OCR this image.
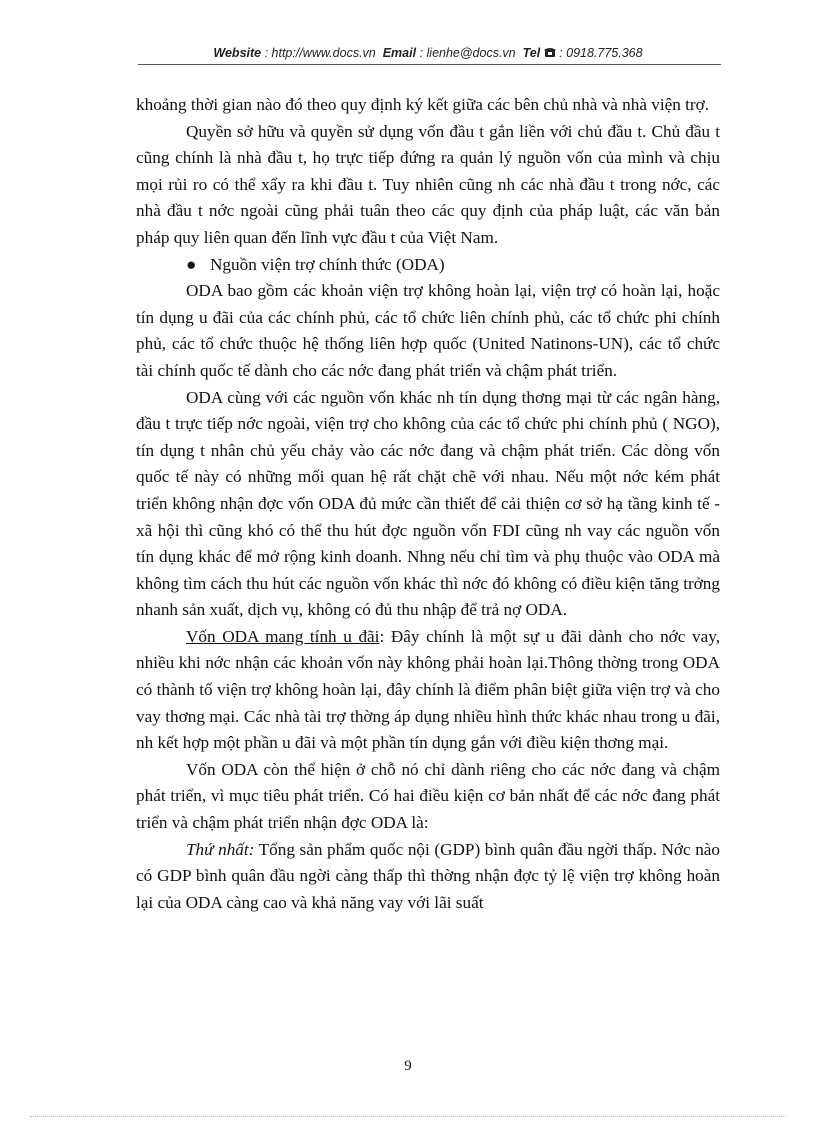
Website : http://www.docs.vn Email : lienhe@docs.vn Tel : 0918.775.368

khoảng thời gian nào đó theo quy định ký kết giữa các bên chủ nhà và nhà viện trợ.

Quyền sở hữu và quyền sử dụng vốn đầu t gắn liền với chủ đầu t. Chủ đầu t cũng chính là nhà đầu t, họ trực tiếp đứng ra quản lý nguồn vốn của mình và chịu mọi rủi ro có thể xẩy ra khi đầu t. Tuy nhiên cũng nh các nhà đầu t trong nớc, các nhà đầu t nớc ngoài cũng phải tuân theo các quy định của pháp luật, các văn bản pháp quy liên quan đến lĩnh vực đầu t của Việt Nam.

● Nguồn viện trợ chính thức (ODA)

ODA bao gồm các khoản viện trợ không hoàn lại, viện trợ có hoàn lại, hoặc tín dụng u đãi của các chính phủ, các tổ chức liên chính phủ, các tổ chức phi chính phủ, các tổ chức thuộc hệ thống liên hợp quốc (United Natinons-UN), các tổ chức tài chính quốc tế dành cho các nớc đang phát triển và chậm phát triển.

ODA cùng với các nguồn vốn khác nh tín dụng thơng mại từ các ngân hàng, đầu t trực tiếp nớc ngoài, viện trợ cho không của các tổ chức phi chính phủ ( NGO), tín dụng t nhân chủ yếu chảy vào các nớc đang và chậm phát triển. Các dòng vốn quốc tế này có những mối quan hệ rất chặt chẽ với nhau. Nếu một nớc kém phát triển không nhận đợc vốn ODA đủ mức cần thiết để cải thiện cơ sở hạ tầng kinh tế - xã hội thì cũng khó có thể thu hút đợc nguồn vốn FDI cũng nh vay các nguồn vốn tín dụng khác để mở rộng kinh doanh. Nhng nếu chỉ tìm và phụ thuộc vào ODA mà không tìm cách thu hút các nguồn vốn khác thì nớc đó không có điều kiện tăng trởng nhanh sản xuất, dịch vụ, không có đủ thu nhập để trả nợ ODA.

Vốn ODA mang tính u đãi: Đây chính là một sự u đãi dành cho nớc vay, nhiều khi nớc nhận các khoản vốn này không phải hoàn lại.Thông thờng trong ODA có thành tố viện trợ không hoàn lại, đây chính là điểm phân biệt giữa viện trợ và cho vay thơng mại. Các nhà tài trợ thờng áp dụng nhiều hình thức khác nhau trong u đãi, nh kết hợp một phần u đãi và một phần tín dụng gắn với điều kiện thơng mại.

Vốn ODA còn thể hiện ở chỗ nó chỉ dành riêng cho các nớc đang và chậm phát triển, vì mục tiêu phát triển. Có hai điều kiện cơ bản nhất để các nớc đang phát triển và chậm phát triển nhận đợc ODA là:

Thứ nhất: Tổng sản phẩm quốc nội (GDP) bình quân đầu ngời thấp. Nớc nào có GDP bình quân đầu ngời càng thấp thì thờng nhận đợc tỷ lệ viện trợ không hoàn lại của ODA càng cao và khả năng vay với lãi suất

9
